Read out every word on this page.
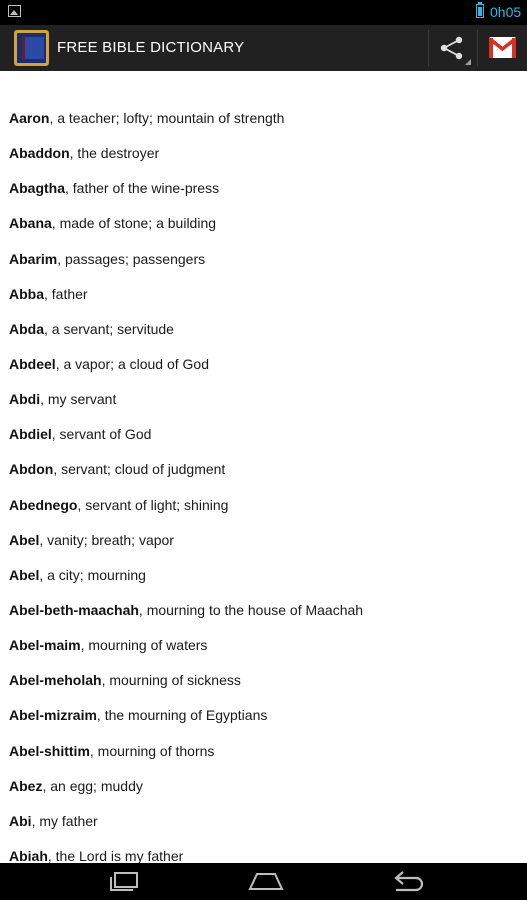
0h05
FREE BIBLE DICTIONARY
Aaron, a teacher; lofty; mountain of strength
Abaddon, the destroyer
Abagtha, father of the wine-press
Abana, made of stone; a building
Abarim, passages; passengers
Abba, father
Abda, a servant; servitude
Abdeel, a vapor; a cloud of God
Abdi, my servant
Abdiel, servant of God
Abdon, servant; cloud of judgment
Abednego, servant of light; shining
Abel, vanity; breath; vapor
Abel, a city; mourning
Abel-beth-maachah, mourning to the house of Maachah
Abel-maim, mourning of waters
Abel-meholah, mourning of sickness
Abel-mizraim, the mourning of Egyptians
Abel-shittim, mourning of thorns
Abez, an egg; muddy
Abi, my father
Abiah, the Lord is my father
